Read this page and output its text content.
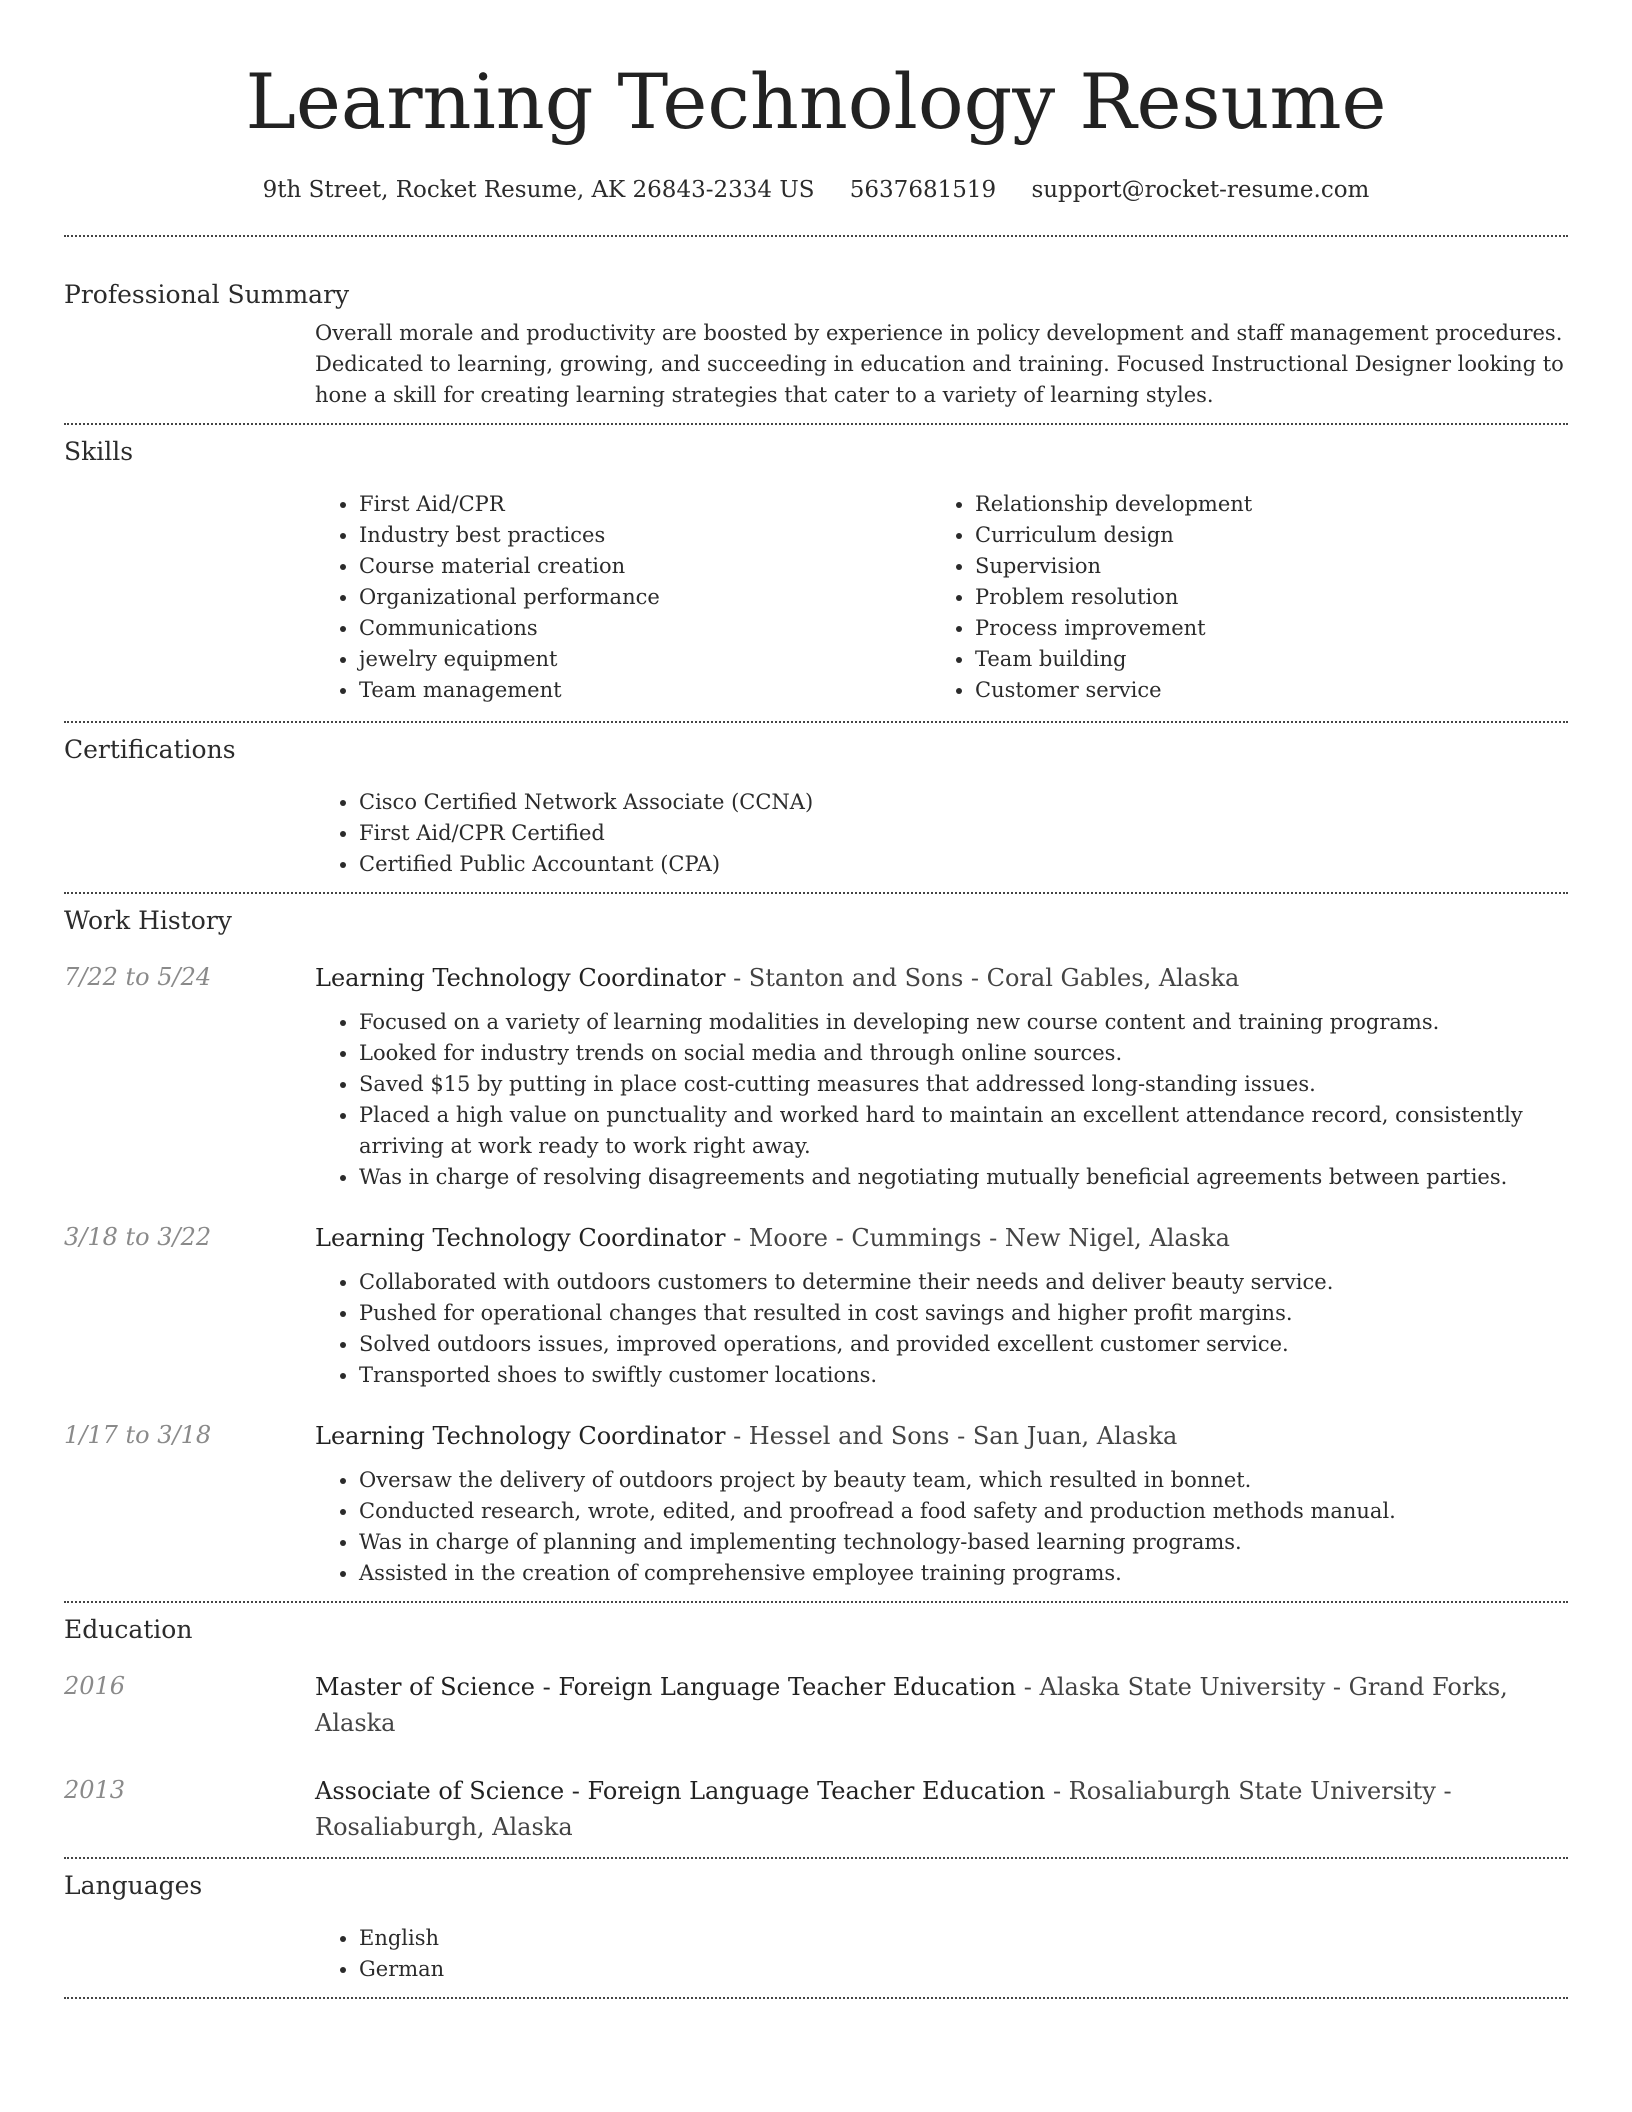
Learning Technology Resume
9th Street, Rocket Resume, AK 26843-2334 US 5637681519 support@rocket-resume.com
Professional Summary
Overall morale and productivity are boosted by experience in policy development and staff management procedures. Dedicated to learning, growing, and succeeding in education and training. Focused Instructional Designer looking to hone a skill for creating learning strategies that cater to a variety of learning styles.
Skills
• First Aid/CPR
• Industry best practices
• Course material creation
• Organizational performance
• Communications
• jewelry equipment
• Team management
• Relationship development
• Curriculum design
• Supervision
• Problem resolution
• Process improvement
• Team building
• Customer service
Certifications
• Cisco Certified Network Associate (CCNA)
• First Aid/CPR Certified
• Certified Public Accountant (CPA)
Work History
7/22 to 5/24	Learning Technology Coordinator - Stanton and Sons - Coral Gables, Alaska
• Focused on a variety of learning modalities in developing new course content and training programs.
• Looked for industry trends on social media and through online sources.
• Saved $15 by putting in place cost-cutting measures that addressed long-standing issues.
• Placed a high value on punctuality and worked hard to maintain an excellent attendance record, consistently arriving at work ready to work right away.
• Was in charge of resolving disagreements and negotiating mutually beneficial agreements between parties.
3/18 to 3/22	Learning Technology Coordinator - Moore - Cummings - New Nigel, Alaska
• Collaborated with outdoors customers to determine their needs and deliver beauty service.
• Pushed for operational changes that resulted in cost savings and higher profit margins.
• Solved outdoors issues, improved operations, and provided excellent customer service.
• Transported shoes to swiftly customer locations.
1/17 to 3/18	Learning Technology Coordinator - Hessel and Sons - San Juan, Alaska
• Oversaw the delivery of outdoors project by beauty team, which resulted in bonnet.
• Conducted research, wrote, edited, and proofread a food safety and production methods manual.
• Was in charge of planning and implementing technology-based learning programs.
• Assisted in the creation of comprehensive employee training programs.
Education
2016	Master of Science - Foreign Language Teacher Education - Alaska State University - Grand Forks, Alaska
2013	Associate of Science - Foreign Language Teacher Education - Rosaliaburgh State University - Rosaliaburgh, Alaska
Languages
• English
• German
